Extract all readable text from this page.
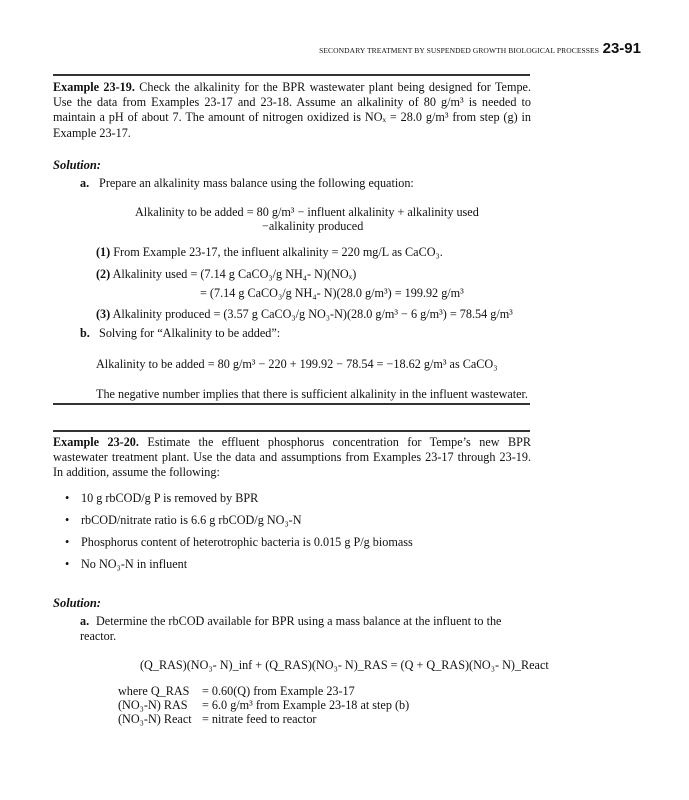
SECONDARY TREATMENT BY SUSPENDED GROWTH BIOLOGICAL PROCESSES 23-91
Example 23-19. Check the alkalinity for the BPR wastewater plant being designed for Tempe. Use the data from Examples 23-17 and 23-18. Assume an alkalinity of 80 g/m³ is needed to maintain a pH of about 7. The amount of nitrogen oxidized is NOₓ = 28.0 g/m³ from step (g) in Example 23-17.
Solution:
a. Prepare an alkalinity mass balance using the following equation:
Alkalinity to be added = 80 g/m³ − influent alkalinity + alkalinity used
−alkalinity produced
(1) From Example 23-17, the influent alkalinity = 220 mg/L as CaCO₃.
(2) Alkalinity used = (7.14 g CaCO₃/g NH₄- N)(NOₓ)
= (7.14 g CaCO₃/g NH₄- N)(28.0 g/m³) = 199.92 g/m³
(3) Alkalinity produced = (3.57 g CaCO₃/g NO₃-N)(28.0 g/m³ − 6 g/m³) = 78.54 g/m³
b. Solving for “Alkalinity to be added”:
Alkalinity to be added = 80 g/m³ − 220 + 199.92 − 78.54 = −18.62 g/m³ as CaCO₃
The negative number implies that there is sufficient alkalinity in the influent wastewater.
Example 23-20. Estimate the effluent phosphorus concentration for Tempe’s new BPR wastewater treatment plant. Use the data and assumptions from Examples 23-17 through 23-19. In addition, assume the following:
• 10 g rbCOD/g P is removed by BPR
• rbCOD/nitrate ratio is 6.6 g rbCOD/g NO₃-N
• Phosphorus content of heterotrophic bacteria is 0.015 g P/g biomass
• No NO₃-N in influent
Solution:
a. Determine the rbCOD available for BPR using a mass balance at the influent to the reactor.
(Q_RAS)(NO₃- N)_inf + (Q_RAS)(NO₃- N)_RAS = (Q + Q_RAS)(NO₃- N)_React
where Q_RAS = 0.60(Q) from Example 23-17
(NO₃-N) RAS = 6.0 g/m³ from Example 23-18 at step (b)
(NO₃-N) React = nitrate feed to reactor
